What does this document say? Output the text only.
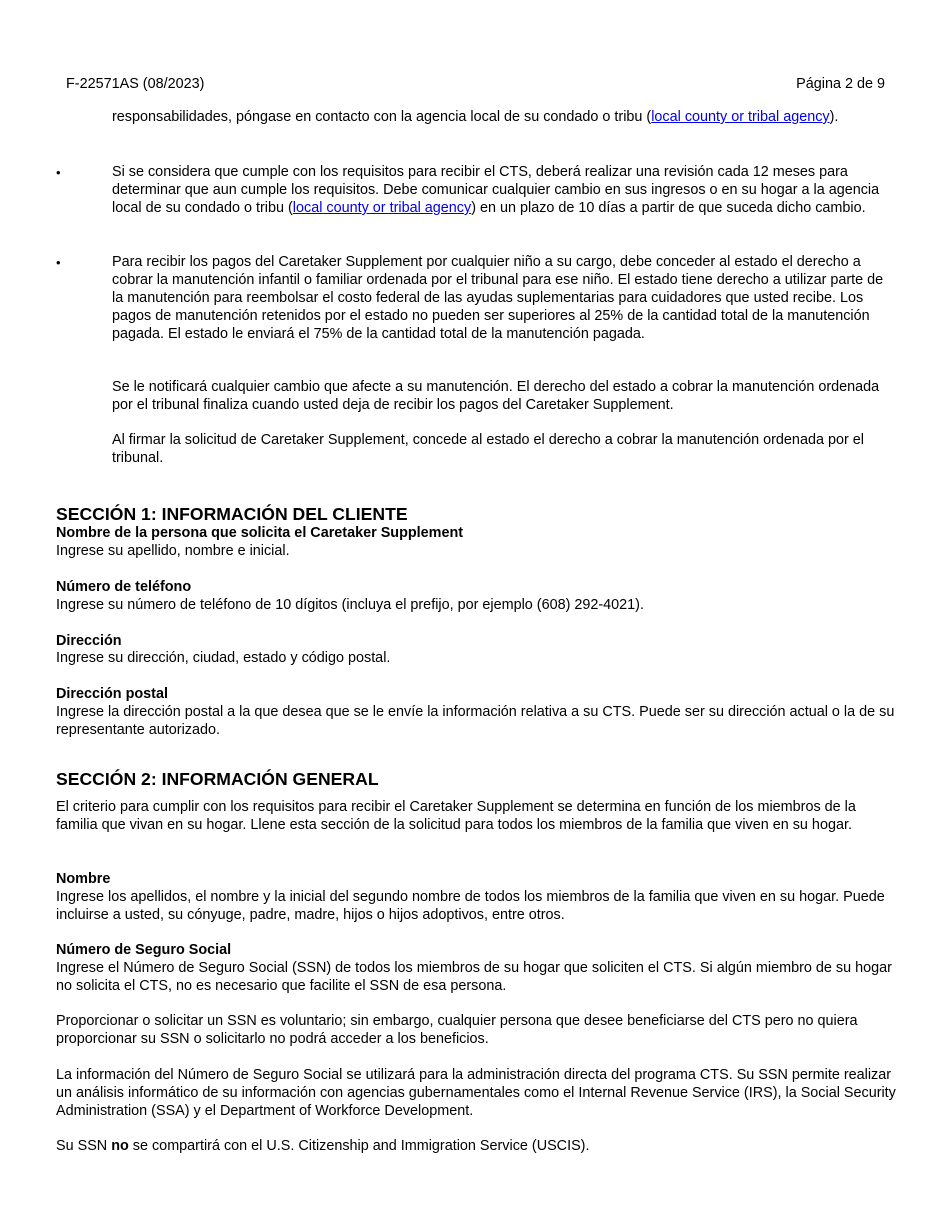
F-22571AS (08/2023)	Página 2 de 9

responsabilidades, póngase en contacto con la agencia local de su condado o tribu (local county or tribal agency).

•	Si se considera que cumple con los requisitos para recibir el CTS, deberá realizar una revisión cada 12 meses para determinar que aun cumple los requisitos. Debe comunicar cualquier cambio en sus ingresos o en su hogar a la agencia local de su condado o tribu (local county or tribal agency) en un plazo de 10 días a partir de que suceda dicho cambio.

•	Para recibir los pagos del Caretaker Supplement por cualquier niño a su cargo, debe conceder al estado el derecho a cobrar la manutención infantil o familiar ordenada por el tribunal para ese niño. El estado tiene derecho a utilizar parte de la manutención para reembolsar el costo federal de las ayudas suplementarias para cuidadores que usted recibe. Los pagos de manutención retenidos por el estado no pueden ser superiores al 25% de la cantidad total de la manutención pagada. El estado le enviará el 75% de la cantidad total de la manutención pagada.

Se le notificará cualquier cambio que afecte a su manutención. El derecho del estado a cobrar la manutención ordenada por el tribunal finaliza cuando usted deja de recibir los pagos del Caretaker Supplement.

Al firmar la solicitud de Caretaker Supplement, concede al estado el derecho a cobrar la manutención ordenada por el tribunal.

SECCIÓN 1: INFORMACIÓN DEL CLIENTE
Nombre de la persona que solicita el Caretaker Supplement

Ingrese su apellido, nombre e inicial.

Número de teléfono

Ingrese su número de teléfono de 10 dígitos (incluya el prefijo, por ejemplo (608) 292-4021).

Dirección

Ingrese su dirección, ciudad, estado y código postal.

Dirección postal

Ingrese la dirección postal a la que desea que se le envíe la información relativa a su CTS. Puede ser su dirección actual o la de su representante autorizado.

SECCIÓN 2: INFORMACIÓN GENERAL

El criterio para cumplir con los requisitos para recibir el Caretaker Supplement se determina en función de los miembros de la familia que vivan en su hogar. Llene esta sección de la solicitud para todos los miembros de la familia que viven en su hogar.

Nombre

Ingrese los apellidos, el nombre y la inicial del segundo nombre de todos los miembros de la familia que viven en su hogar. Puede incluirse a usted, su cónyuge, padre, madre, hijos o hijos adoptivos, entre otros.

Número de Seguro Social

Ingrese el Número de Seguro Social (SSN) de todos los miembros de su hogar que soliciten el CTS. Si algún miembro de su hogar no solicita el CTS, no es necesario que facilite el SSN de esa persona.

Proporcionar o solicitar un SSN es voluntario; sin embargo, cualquier persona que desee beneficiarse del CTS pero no quiera proporcionar su SSN o solicitarlo no podrá acceder a los beneficios.

La información del Número de Seguro Social se utilizará para la administración directa del programa CTS. Su SSN permite realizar un análisis informático de su información con agencias gubernamentales como el Internal Revenue Service (IRS), la Social Security Administration (SSA) y el Department of Workforce Development.

Su SSN no se compartirá con el U.S. Citizenship and Immigration Service (USCIS).
